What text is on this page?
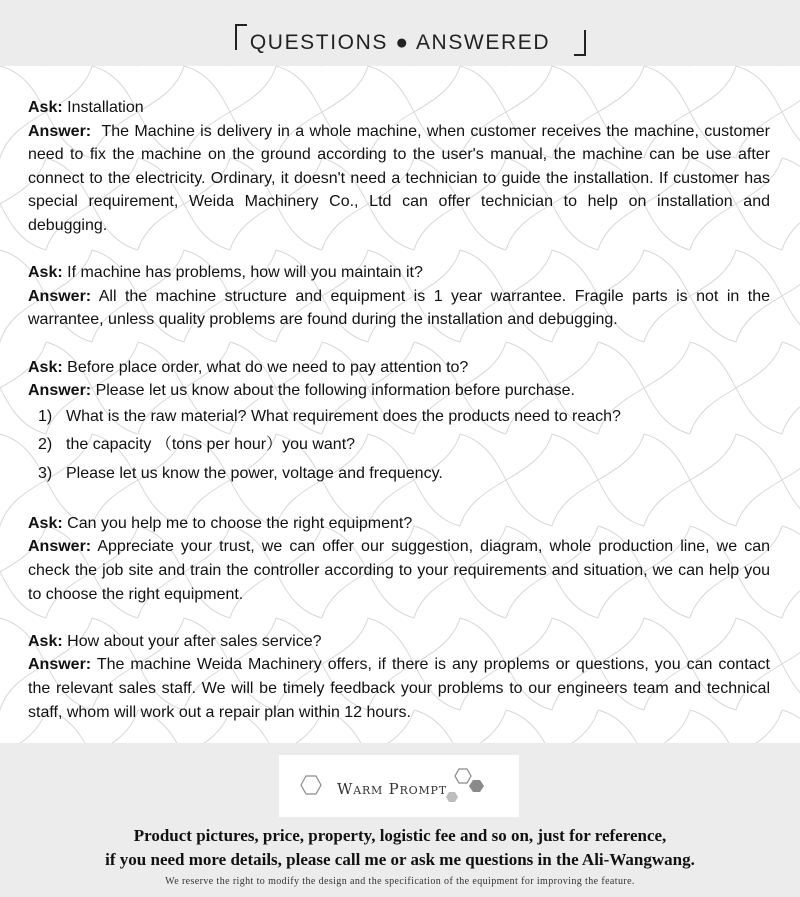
QUESTIONS ● ANSWERED

Ask: Installation

Answer: The Machine is delivery in a whole machine, when customer receives the machine, customer need to fix the machine on the ground according to the user's manual, the machine can be use after connect to the electricity. Ordinary, it doesn't need a technician to guide the installation. If customer has special requirement, Weida Machinery Co., Ltd can offer technician to help on installation and debugging.

Ask: If machine has problems, how will you maintain it?

Answer: All the machine structure and equipment is 1 year warrantee. Fragile parts is not in the warrantee, unless quality problems are found during the installation and debugging.

Ask: Before place order, what do we need to pay attention to?

Answer: Please let us know about the following information before purchase.

1) What is the raw material? What requirement does the products need to reach?
2) the capacity （tons per hour）you want?
3) Please let us know the power, voltage and frequency.

Ask: Can you help me to choose the right equipment?

Answer: Appreciate your trust, we can offer our suggestion, diagram, whole production line, we can check the job site and train the controller according to your requirements and situation, we can help you to choose the right equipment.

Ask: How about your after sales service?

Answer: The machine Weida Machinery offers, if there is any proplems or questions, you can contact the relevant sales staff. We will be timely feedback your problems to our engineers team and technical staff, whom will work out a repair plan within 12 hours.

Warm Prompt
Product pictures, price, property, logistic fee and so on, just for reference,
if you need more details, please call me or ask me questions in the Ali-Wangwang.
We reserve the right to modify the design and the specification of the equipment for improving the feature.
